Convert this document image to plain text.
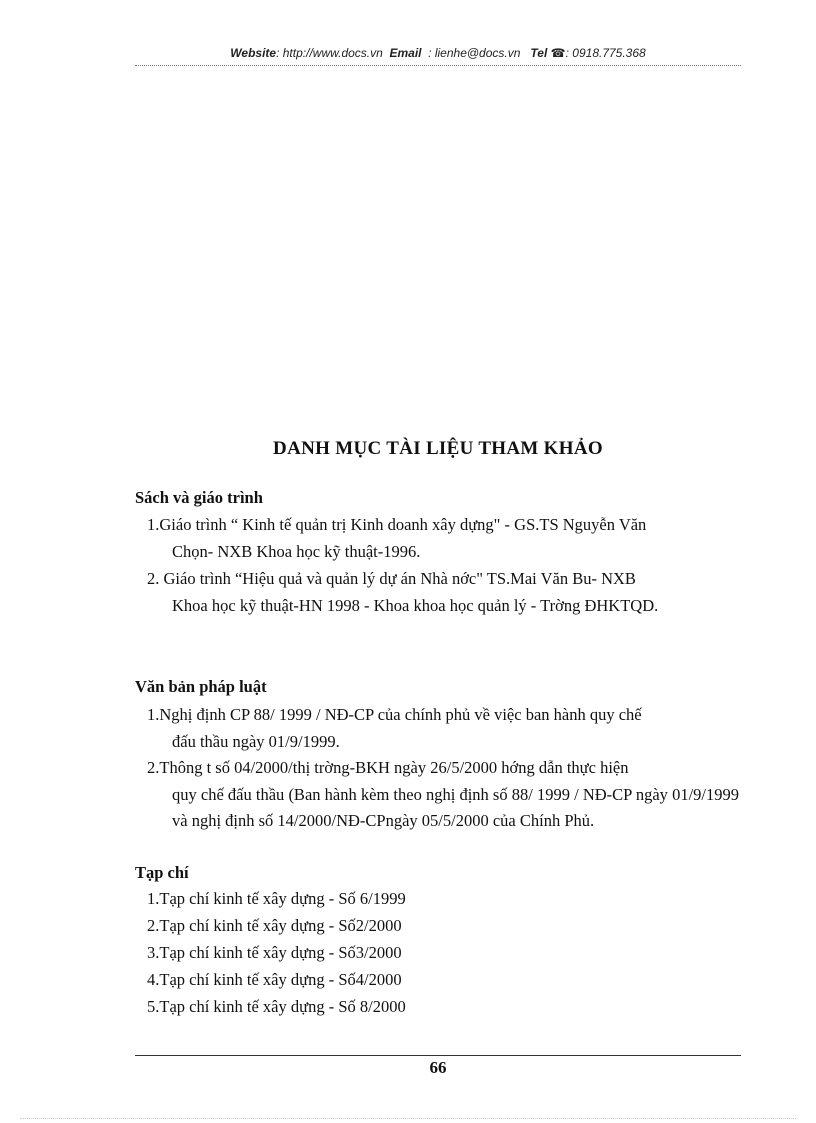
Website: http://www.docs.vn Email : lienhe@docs.vn Tel ☎: 0918.775.368
DANH MỤC TÀI LIỆU THAM KHẢO
Sách và giáo trình
1.Giáo trình “ Kinh tế quản trị Kinh doanh xây dựng" - GS.TS Nguyễn Văn
Chọn- NXB Khoa học kỹ thuật-1996.
2. Giáo trình “Hiệu quả và quản lý dự án Nhà nớc" TS.Mai Văn Bu- NXB
Khoa học kỹ thuật-HN 1998 - Khoa khoa học quản lý - Trờng ĐHKTQD.
Văn bản pháp luật
1.Nghị định CP 88/ 1999 / NĐ-CP của chính phủ về việc ban hành quy chế
đấu thầu ngày 01/9/1999.
2.Thông t số 04/2000/thị trờng-BKH ngày 26/5/2000 hớng dẫn thực hiện
quy chế đấu thầu (Ban hành kèm theo nghị định số 88/ 1999 / NĐ-CP ngày 01/9/1999 và nghị định số 14/2000/NĐ-CPngày 05/5/2000 của Chính Phủ.
Tạp chí
1.Tạp chí kinh tế xây dựng - Số 6/1999
2.Tạp chí kinh tế xây dựng - Số2/2000
3.Tạp chí kinh tế xây dựng - Số3/2000
4.Tạp chí kinh tế xây dựng - Số4/2000
5.Tạp chí kinh tế xây dựng - Số 8/2000
66
